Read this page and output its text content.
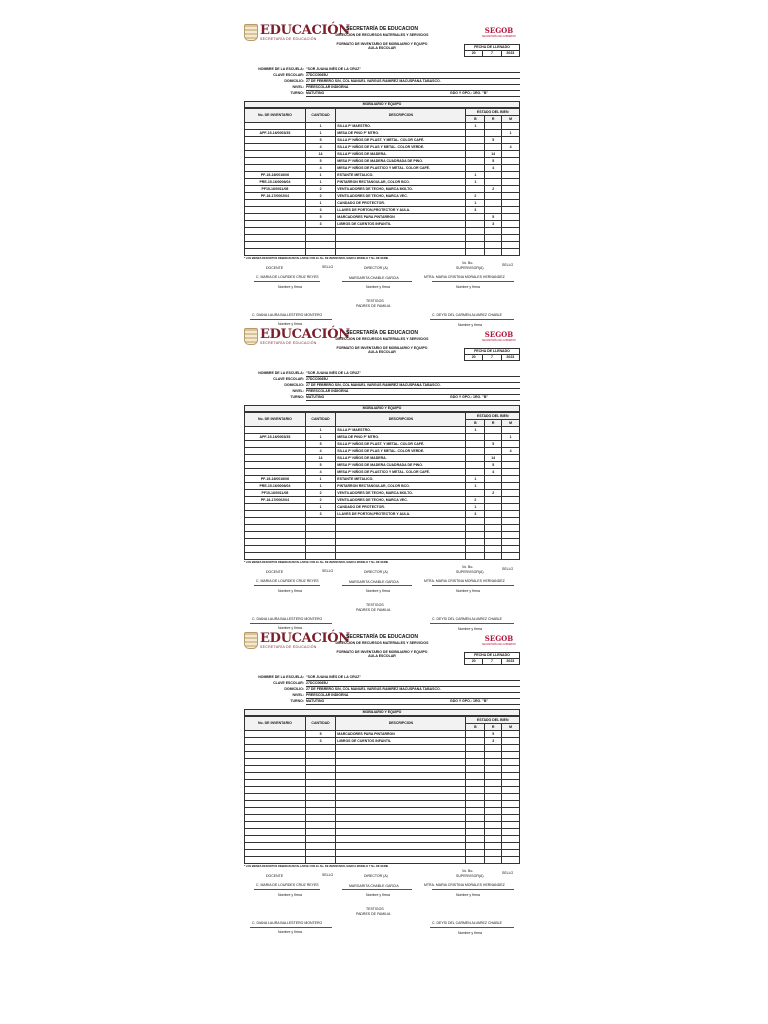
EDUCACIÓN
SECRETARÍA DE EDUCACIÓN
SECRETARÍA DE EDUCACION
DIRECCION DE RECURSOS MATERIALES Y SERVICIOS
FORMATO DE INVENTARIO DE MOBILIARIO Y EQUIPO
AULA ESCOLAR
SEGOB
SECRETARÍA DE GOBIERNO
FECHA DE LLENADO
20	7	2023
NOMBRE DE LA ESCUELA: "SOR JUANA INÉS DE LA CRUZ"
CLAVE ESCOLAR: 27DCC0065U
DOMICILIO: 27 DE FEBRERO S/N, COL MANUEL VARGUS RAMIREZ MACUSPANA TABASCO.
NIVEL: PREESCOLAR INDIGENA
TURNO: MATUTINO	GDO Y GPO.: 1RO. "B"
MOBILIARIO Y EQUIPO
No. DE INVENTARIO	CANTIDAD	DESCRIPCION	ESTADO DEL BIEN		
			B	R	M
	1	SILLA P' MAESTRO.	1		
APF-15-16/0003/35	1	MESA DE PINO P' MTRO.			1
	5	SILLA P' NIÑOS DE PLAST. Y METAL. COLOR CAFÉ.		5	
	4	SILLA P' NIÑOS DE PLAS Y METAL. COLOR VERDE.			4
	14	SILLA P' NIÑOS DE MADERA.		14	
	5	MESA P' NIÑOS DE MADERA CUADRADA DE PINO.		5	
	4	MESA P' NIÑOS DE PLASTICO Y METAL. COLOR CAFÉ.		4	
PF-15-16/0016/06	1	ESTANTE METALICO.	1		
PRE-15-16/0006/04	1	PINTARRON RECTANGULAR, COLOR BCO.	1		
PF15-16/0011/08	2	VENTILADORES DE TECHO, MARCA MOLTO.		2	
PF-16-17/0002/04	2	VENTILADORES DE TECHO, MARCA VEC.	2		
	1	CANDADO DE PROTECTOR.	1		
	3	LLAVES DE PORTON,PROTECTOR Y AULA.	3		
	5	MARCADORES PARA PINTARRON		5	
	3	LIBROS DE CUENTOS INFANTIL		3	

* LOS BIENES DESCRITOS DEBERAN DETALLARSE CON EL No. DE INVENTARIO, MARCA MODELO Y No. DE SERIE.
DOCENTE	SELLO	DIRECTOR (A)
Vo. Bo.
SUPERVISOR(A)
SELLO
C. MARIA DE LOURDES CRUZ REYES	MARGARITA CHABLE GARCIA	MTRA. MARIA CRISTINA MORALES HERNANDEZ
Nombre y firma	Nombre y firma	Nombre y firma
TESTIGOS
PADRES DE FAMILIA
C. DIANA LAURA BALLESTERO MONTERO	C. DEYSI DEL CARMEN ALVAREZ CHABLE
Nombre y firma	Nombre y firma
EDUCACIÓN
SECRETARÍA DE EDUCACIÓN
SECRETARÍA DE EDUCACION
DIRECCION DE RECURSOS MATERIALES Y SERVICIOS
FORMATO DE INVENTARIO DE MOBILIARIO Y EQUIPO
AULA ESCOLAR
SEGOB
SECRETARÍA DE GOBIERNO
FECHA DE LLENADO
20	7	2023
NOMBRE DE LA ESCUELA: "SOR JUANA INÉS DE LA CRUZ"
CLAVE ESCOLAR: 27DCC0065U
DOMICILIO: 27 DE FEBRERO S/N, COL MANUEL VARGUS RAMIREZ MACUSPANA TABASCO.
NIVEL: PREESCOLAR INDIGENA
TURNO: MATUTINO	GDO Y GPO.: 1RO. "B"
MOBILIARIO Y EQUIPO
No. DE INVENTARIO	CANTIDAD	DESCRIPCION	ESTADO DEL BIEN		
			B	R	M
	1	SILLA P' MAESTRO.	1		
APF-15-16/0003/35	1	MESA DE PINO P' MTRO.			1
	5	SILLA P' NIÑOS DE PLAST. Y METAL. COLOR CAFÉ.		5	
	4	SILLA P' NIÑOS DE PLAS Y METAL. COLOR VERDE.			4
	14	SILLA P' NIÑOS DE MADERA.		14	
	5	MESA P' NIÑOS DE MADERA CUADRADA DE PINO.		5	
	4	MESA P' NIÑOS DE PLASTICO Y METAL. COLOR CAFÉ.		4	
PF-15-16/0016/06	1	ESTANTE METALICO.	1		
PRE-15-16/0006/04	1	PINTARRON RECTANGULAR, COLOR BCO.	1		
PF15-16/0011/08	2	VENTILADORES DE TECHO, MARCA MOLTO.		2	
PF-16-17/0002/04	2	VENTILADORES DE TECHO, MARCA VEC.	2		
	1	CANDADO DE PROTECTOR.	1		
	3	LLAVES DE PORTON,PROTECTOR Y AULA.	3		

* LOS BIENES DESCRITOS DEBERAN DETALLARSE CON EL No. DE INVENTARIO, MARCA MODELO Y No. DE SERIE.
DOCENTE	SELLO	DIRECTOR (A)
Vo. Bo.
SUPERVISOR(A)
SELLO
C. MARIA DE LOURDES CRUZ REYES	MARGARITA CHABLE GARCIA	MTRA. MARIA CRISTINA MORALES HERNANDEZ
Nombre y firma	Nombre y firma	Nombre y firma
TESTIGOS
PADRES DE FAMILIA
C. DIANA LAURA BALLESTERO MONTERO	C. DEYSI DEL CARMEN ALVAREZ CHABLE
Nombre y firma	Nombre y firma
EDUCACIÓN
SECRETARÍA DE EDUCACIÓN
SECRETARÍA DE EDUCACION
DIRECCION DE RECURSOS MATERIALES Y SERVICIOS
FORMATO DE INVENTARIO DE MOBILIARIO Y EQUIPO
AULA ESCOLAR
SEGOB
SECRETARÍA DE GOBIERNO
FECHA DE LLENADO
20	7	2023
NOMBRE DE LA ESCUELA: "SOR JUANA INÉS DE LA CRUZ"
CLAVE ESCOLAR: 27DCC0065U
DOMICILIO: 27 DE FEBRERO S/N, COL MANUEL VARGUS RAMIREZ MACUSPANA TABASCO.
NIVEL: PREESCOLAR INDIGENA
TURNO: MATUTINO	GDO Y GPO.: 1RO. "B"
MOBILIARIO Y EQUIPO
No. DE INVENTARIO	CANTIDAD	DESCRIPCION	ESTADO DEL BIEN		
			B	R	M
	5	MARCADORES PARA PINTARRON		5	
	3	LIBROS DE CUENTOS INFANTIL		3	

* LOS BIENES DESCRITOS DEBERAN DETALLARSE CON EL No. DE INVENTARIO, MARCA MODELO Y No. DE SERIE.
DOCENTE	SELLO	DIRECTOR (A)
Vo. Bo.
SUPERVISOR(A)
SELLO
C. MARIA DE LOURDES CRUZ REYES	MARGARITA CHABLE GARCIA	MTRA. MARIA CRISTINA MORALES HERNANDEZ
Nombre y firma	Nombre y firma	Nombre y firma
TESTIGOS
PADRES DE FAMILIA
C. DIANA LAURA BALLESTERO MONTERO	C. DEYSI DEL CARMEN ALVAREZ CHABLE
Nombre y firma	Nombre y firma
